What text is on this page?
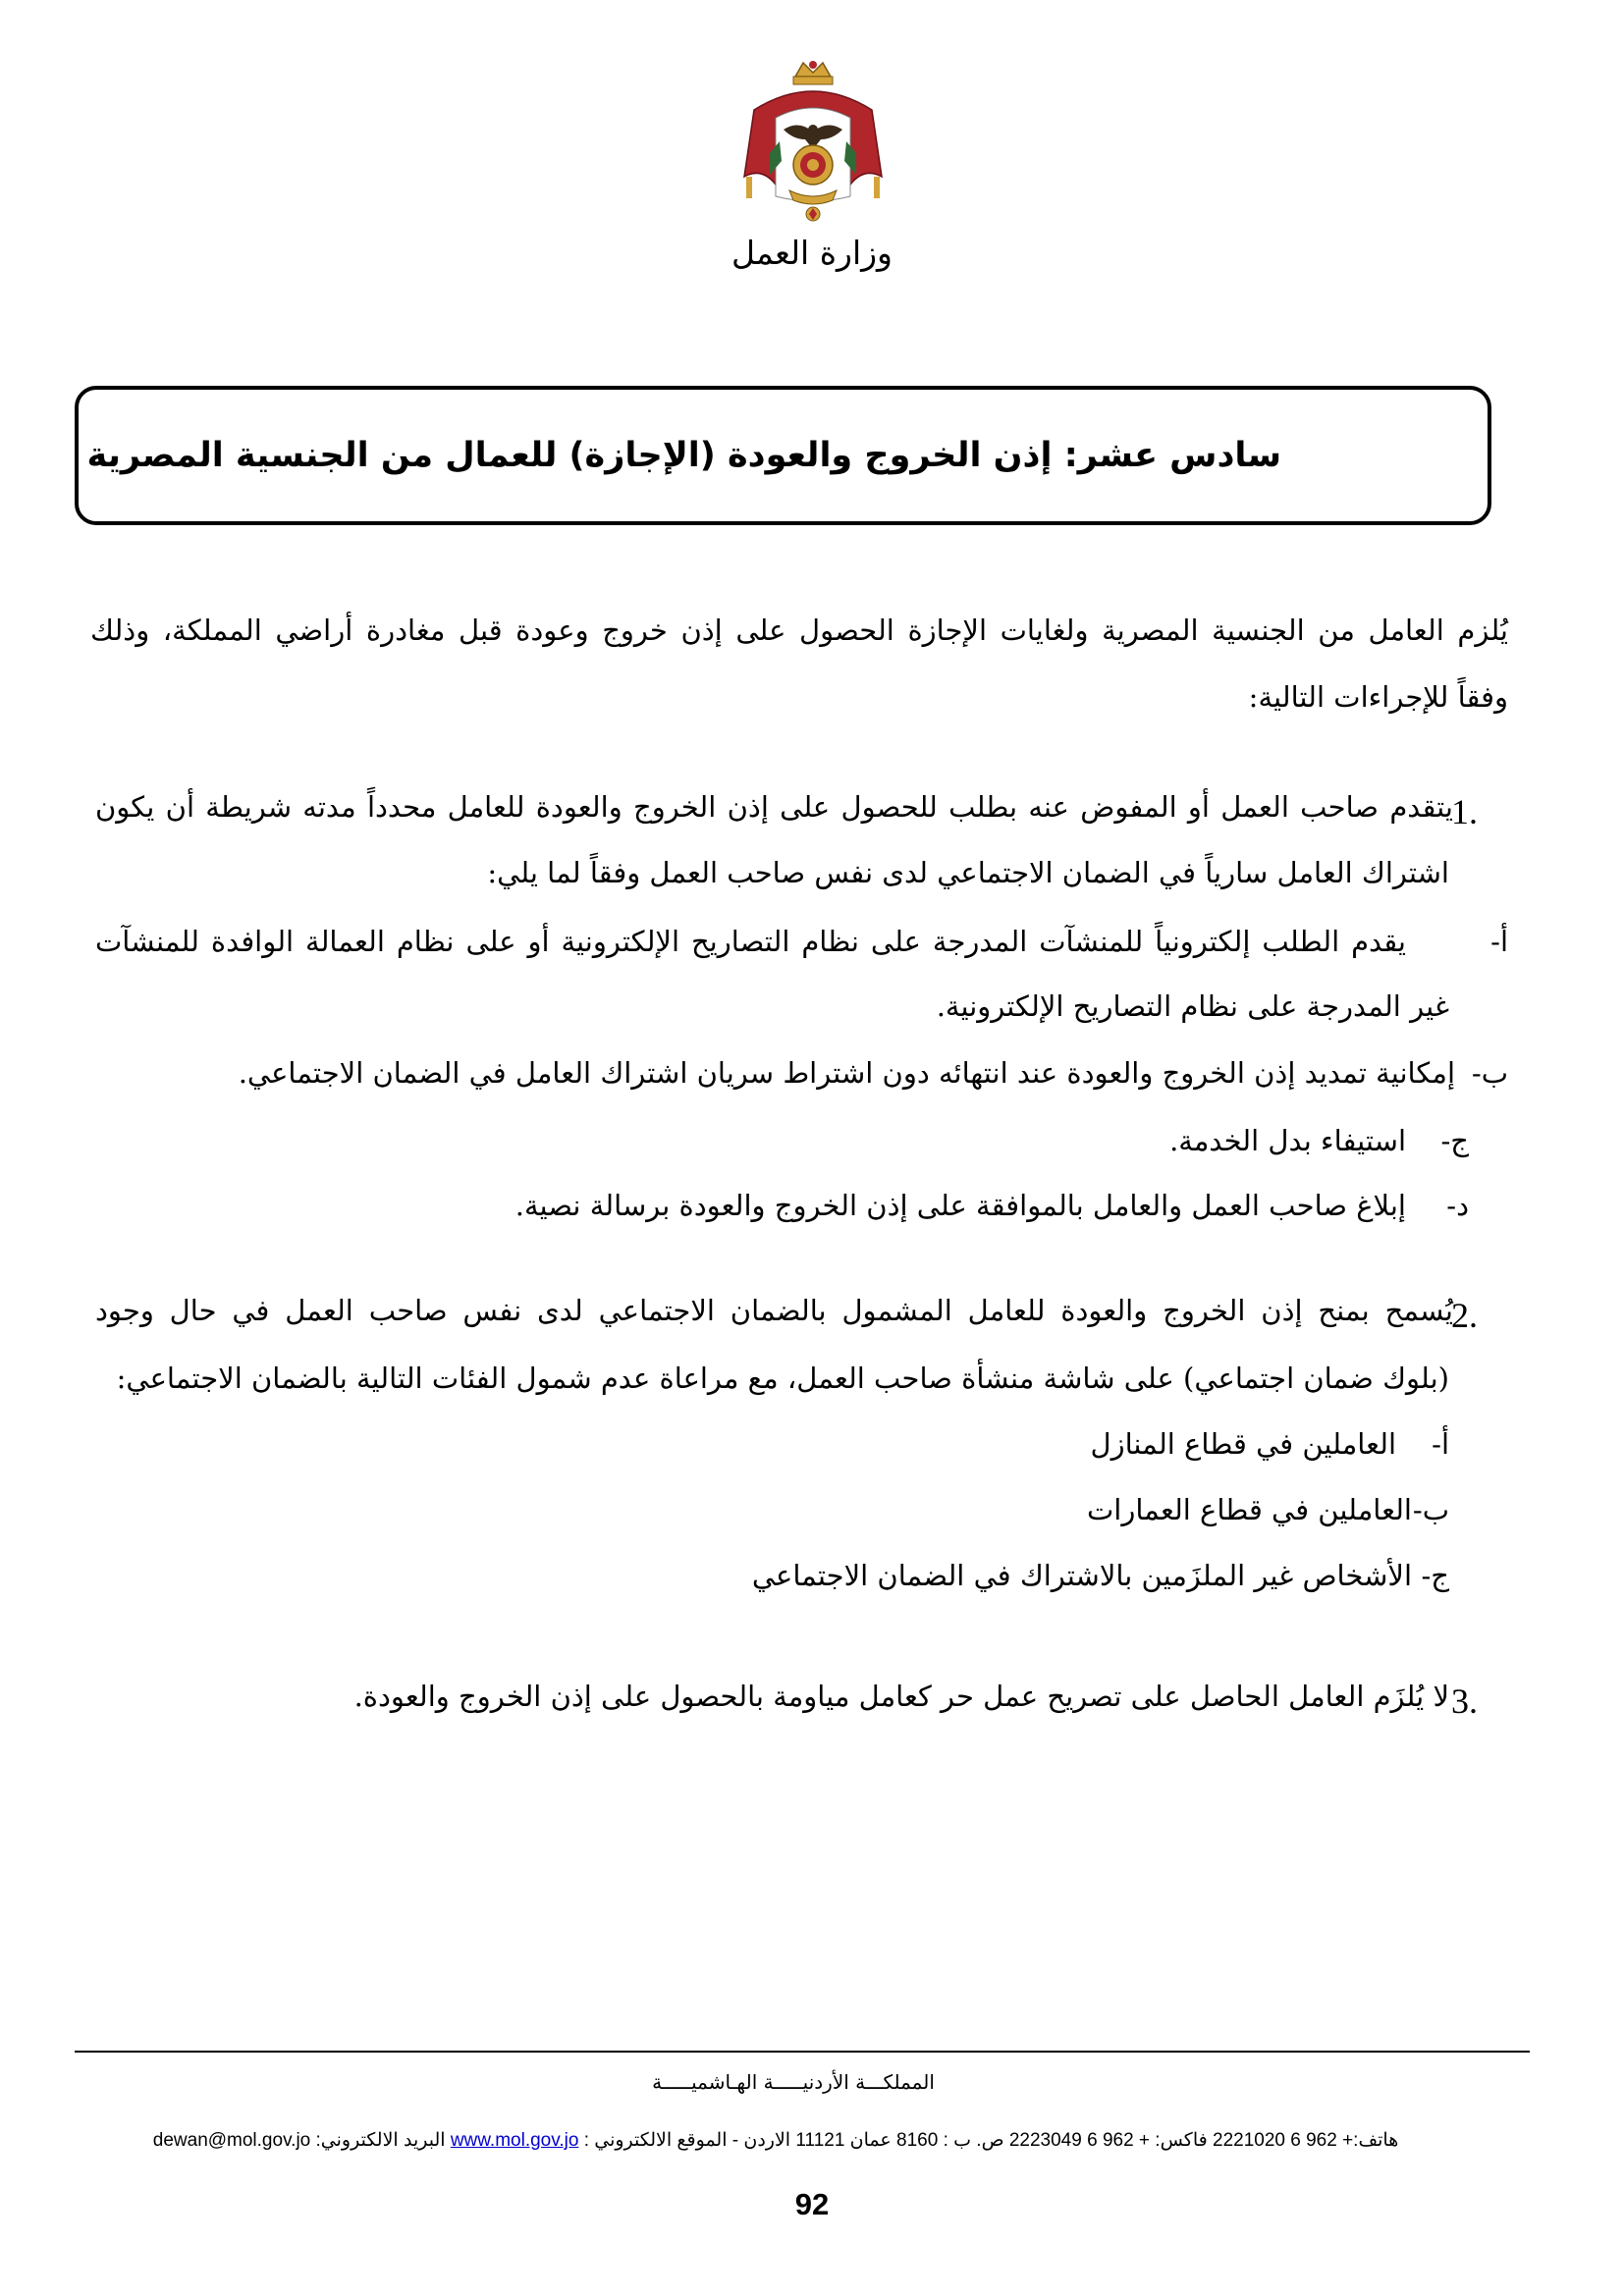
وزارة العمل
سادس عشر: إذن الخروج والعودة (الإجازة) للعمال من الجنسية المصرية
يُلزم العامل من الجنسية المصرية ولغايات الإجازة الحصول على إذن خروج وعودة قبل مغادرة أراضي المملكة، وذلك
وفقاً للإجراءات التالية:
1.
يتقدم صاحب العمل أو المفوض عنه بطلب للحصول على إذن الخروج والعودة للعامل محدداً مدته شريطة أن يكون
اشتراك العامل سارياً في الضمان الاجتماعي لدى نفس صاحب العمل وفقاً لما يلي:
أ-
يقدم الطلب إلكترونياً للمنشآت المدرجة على نظام التصاريح الإلكترونية أو على نظام العمالة الوافدة للمنشآت
غير المدرجة على نظام التصاريح الإلكترونية.
ب-
إمكانية تمديد إذن الخروج والعودة عند انتهائه دون اشتراط سريان اشتراك العامل في الضمان الاجتماعي.
ج-
استيفاء بدل الخدمة.
د-
إبلاغ صاحب العمل والعامل بالموافقة على إذن الخروج والعودة برسالة نصية.
2.
يُسمح بمنح إذن الخروج والعودة للعامل المشمول بالضمان الاجتماعي لدى نفس صاحب العمل في حال وجود
(بلوك ضمان اجتماعي) على شاشة منشأة صاحب العمل، مع مراعاة عدم شمول الفئات التالية بالضمان الاجتماعي:
أ-
العاملين في قطاع المنازل
ب-
العاملين في قطاع العمارات
ج-
الأشخاص غير الملزَمين بالاشتراك في الضمان الاجتماعي
3.
لا يُلزَم العامل الحاصل على تصريح عمل حر كعامل مياومة بالحصول على إذن الخروج والعودة.
المملكـــة الأردنيـــــة الهـاشميـــــة
البريد الالكتروني: dewan@mol.gov.jo www.mol.gov.jo هاتف:+ 962 6 2221020 فاكس: + 962 6 2223049 ص. ب : 8160 عمان 11121 الاردن - الموقع الالكتروني :
92
